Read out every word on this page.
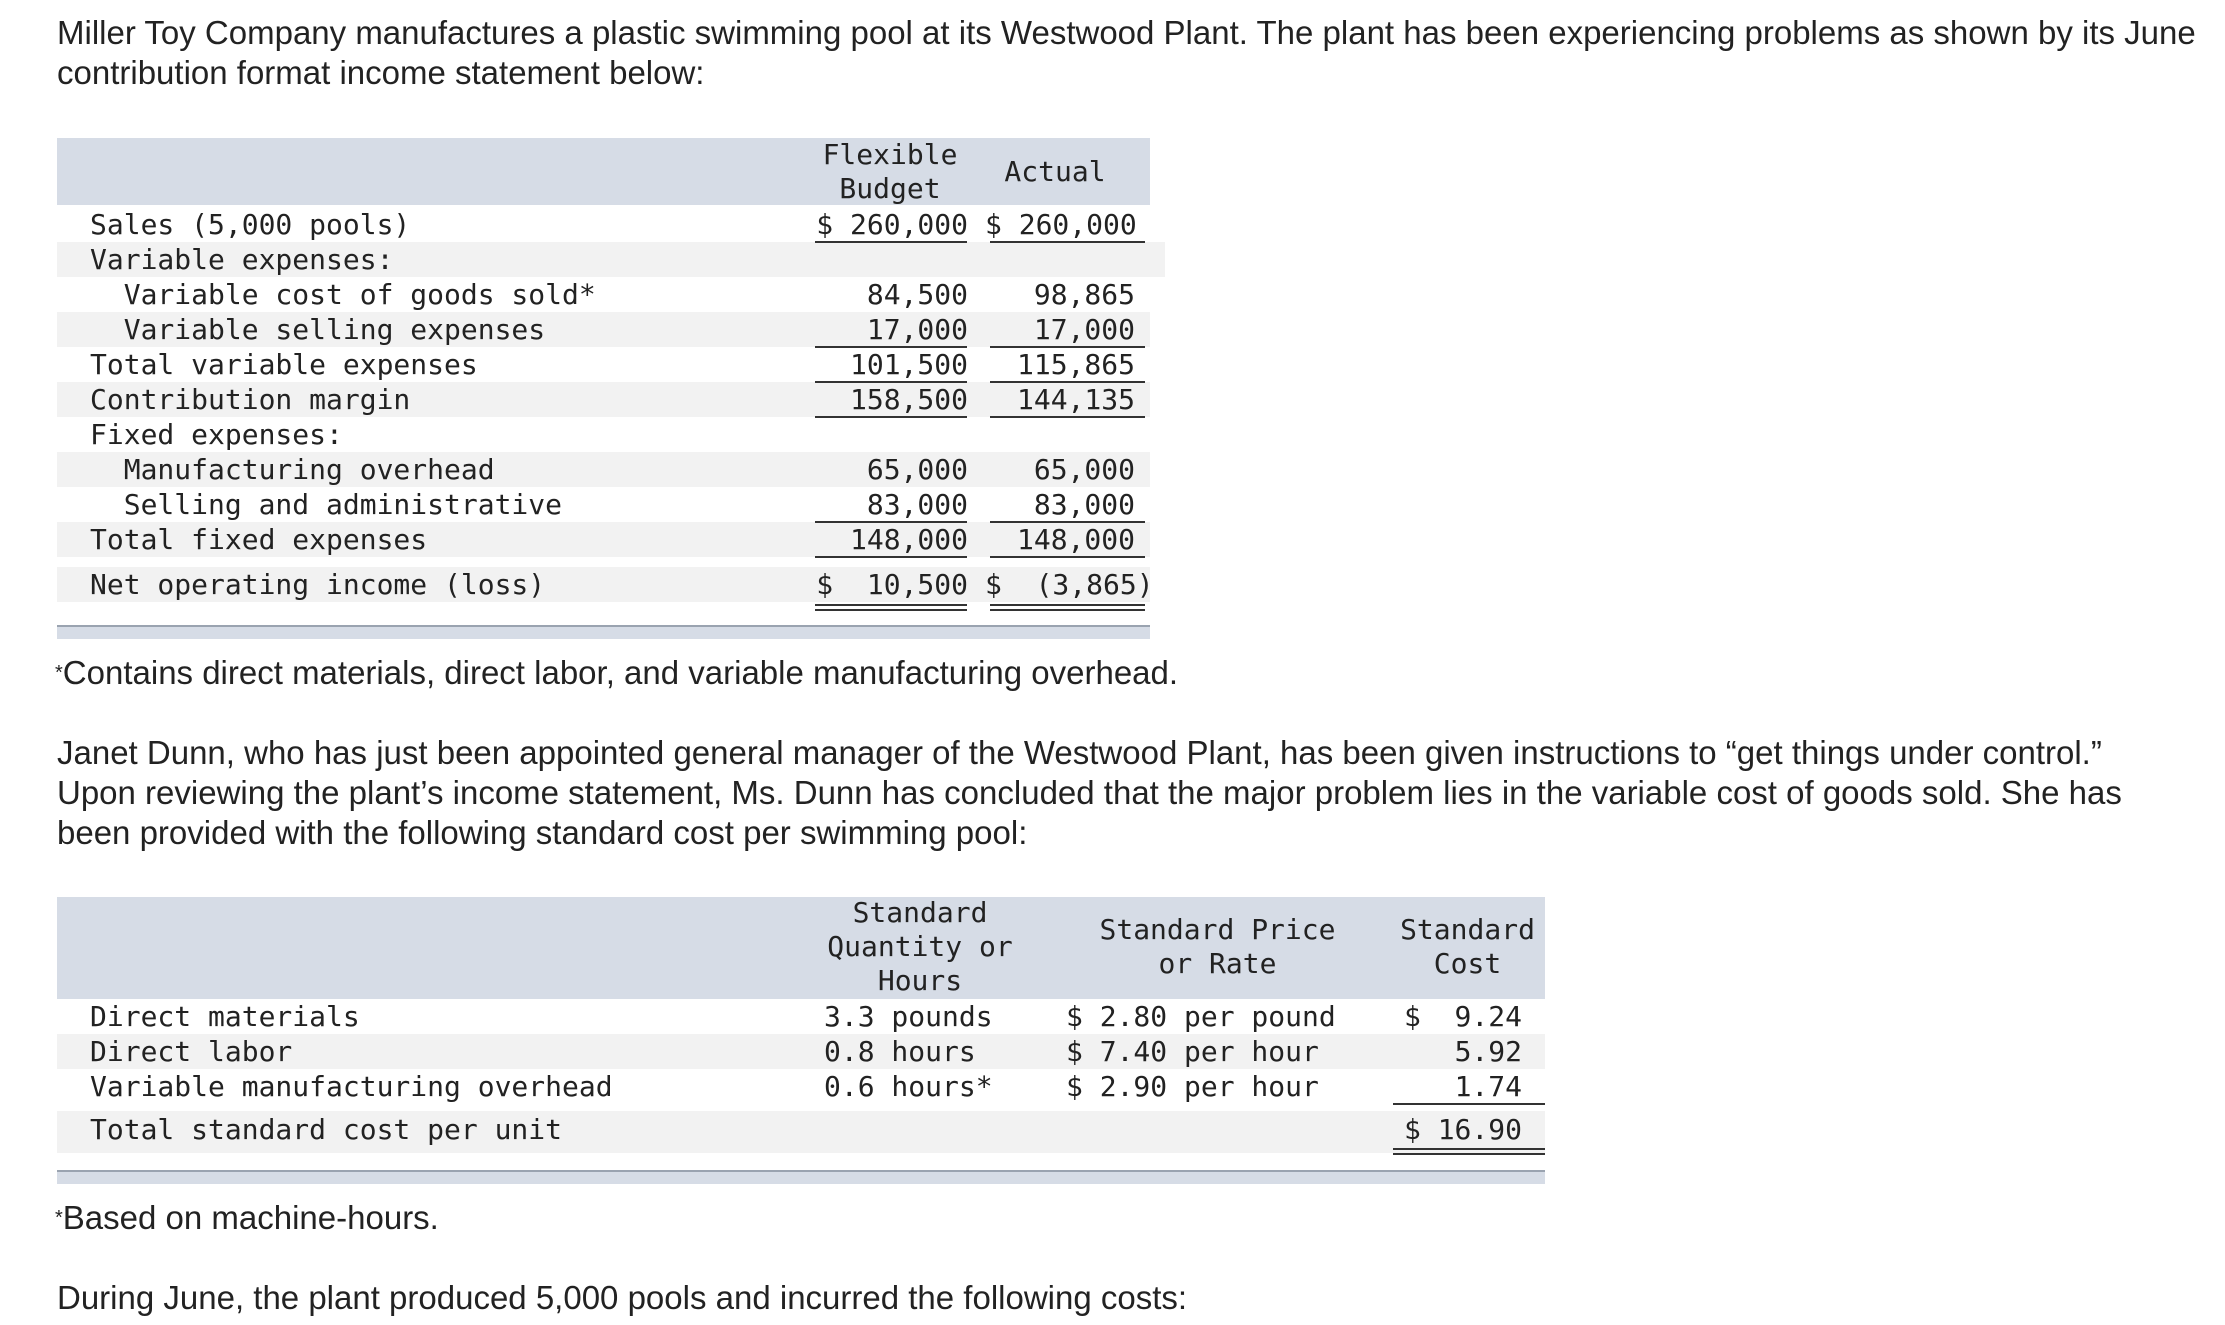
Miller Toy Company manufactures a plastic swimming pool at its Westwood Plant. The plant has been experiencing problems as shown by its June contribution format income statement below:

Flexible Budget
Actual
Sales (5,000 pools)
Variable expenses:
Variable cost of goods sold*
Variable selling expenses
Total variable expenses
Contribution margin
Fixed expenses:
Manufacturing overhead
Selling and administrative
Total fixed expenses
Net operating income (loss)
$ 260,000
84,500
17,000
101,500
158,500
65,000
83,000
148,000
$  10,500
$ 260,000
98,865
17,000
115,865
144,135
65,000
83,000
148,000
$  (3,865)
*Contains direct materials, direct labor, and variable manufacturing overhead.

Janet Dunn, who has just been appointed general manager of the Westwood Plant, has been given instructions to “get things under control.” Upon reviewing the plant’s income statement, Ms. Dunn has concluded that the major problem lies in the variable cost of goods sold. She has been provided with the following standard cost per swimming pool:

Standard Quantity or Hours
Standard Price or Rate
Standard Cost
Direct materials
Direct labor
Variable manufacturing overhead
Total standard cost per unit
3.3 pounds
0.8 hours
0.6 hours*
$ 2.80 per pound
$ 7.40 per hour
$ 2.90 per hour
$  9.24
5.92
1.74
$ 16.90
*Based on machine-hours.

During June, the plant produced 5,000 pools and incurred the following costs:
